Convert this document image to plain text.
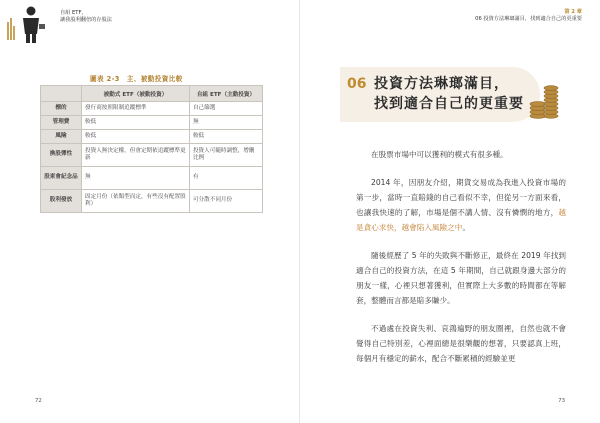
自組 ETF，
讓我股利翻倍的存股法
圖表 2-3　主、被動投資比較
	被動式 ETF（被動投資）	自組 ETF（主動投資）
標的	發行商按照限制追蹤標準	自己篩選
管理費	較低	無
風險	較低	較低
換股彈性	投資人無決定權，但會定期依追蹤標準更新	投資人可隨時調整，增刪比例
股東會紀念品	無	有
股利發放	固定月份（依類型而定，有些沒有配置股利）	可分散不同月份
72
第 2 章
06 投資方法琳瑯滿目，找到適合自己的更重要
06 投資方法琳瑯滿目，
找到適合自己的更重要

在股票市場中可以獲利的模式有很多種。

2014 年，因朋友介紹，期貨交易成為我進入投資市場的第一步，當時一直賠錢的自己看似不幸，但從另一方面來看，也讓我快速的了解，市場是個不講人情、沒有憐憫的地方，越是貪心求快，越會陷入風險之中。

隨後經歷了 5 年的失敗與不斷修正，最終在 2019 年找到適合自己的投資方法，在這 5 年期間，自己就跟身邊大部分的朋友一樣，心裡只想著獲利，但實際上大多數的時間都在等解套，整體而言都是賠多賺少。

不過處在投資失利、哀鴻遍野的朋友圈裡，自然也就不會覺得自己特別差，心裡面總是很樂觀的想著，只要認真上班，每個月有穩定的薪水，配合不斷累積的經驗並更

73
